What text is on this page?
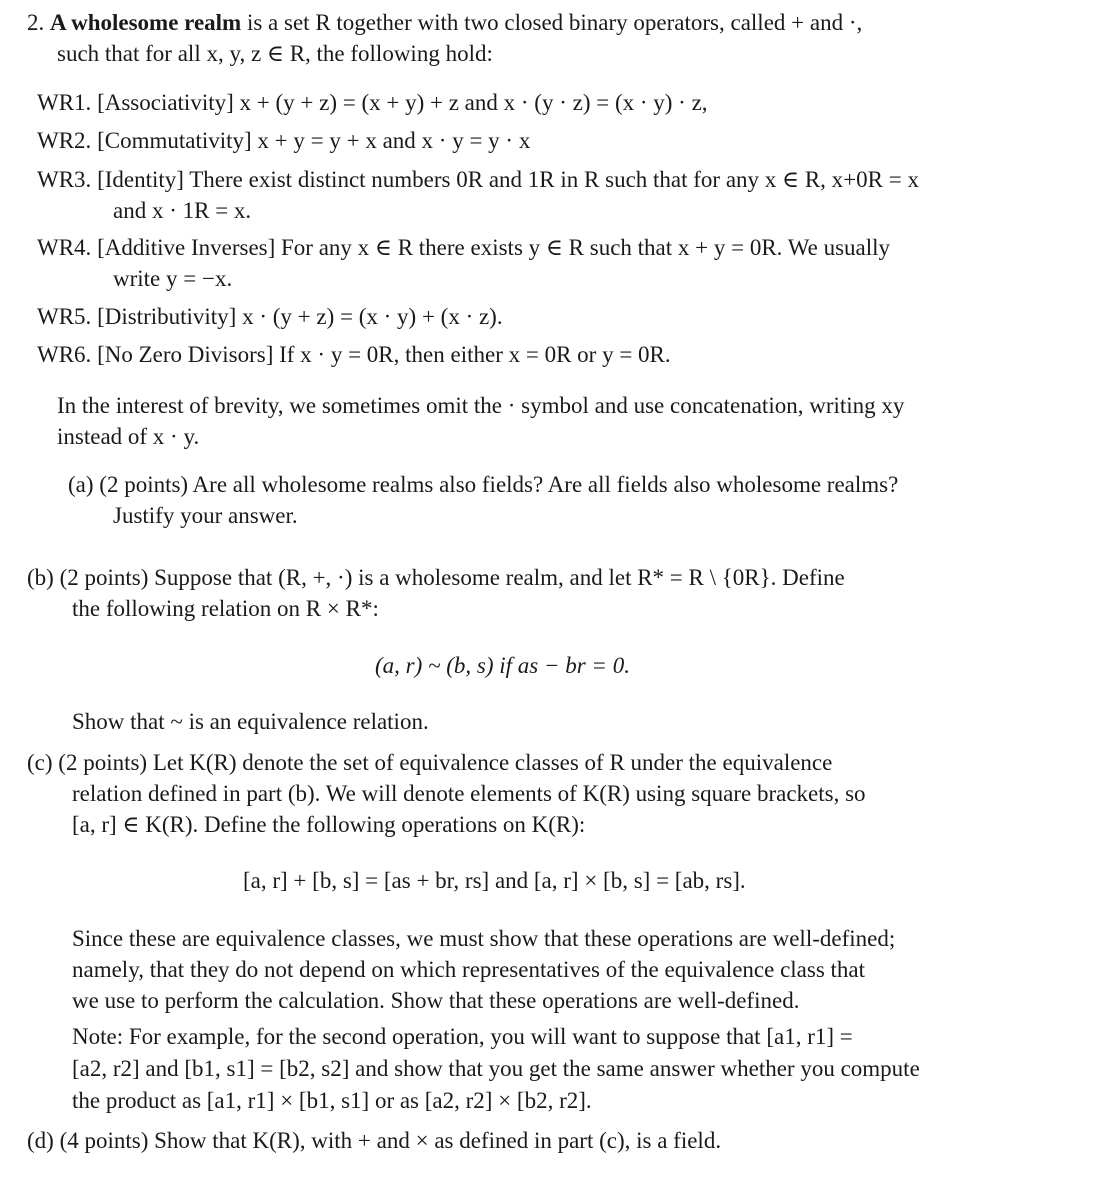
2. A wholesome realm is a set R together with two closed binary operators, called + and ·,
such that for all x, y, z ∈ R, the following hold:
WR1. [Associativity] x + (y + z) = (x + y) + z and x · (y · z) = (x · y) · z,
WR2. [Commutativity] x + y = y + x and x · y = y · x
WR3. [Identity] There exist distinct numbers 0R and 1R in R such that for any x ∈ R, x+0R = x
and x · 1R = x.
WR4. [Additive Inverses] For any x ∈ R there exists y ∈ R such that x + y = 0R. We usually
write y = −x.
WR5. [Distributivity] x · (y + z) = (x · y) + (x · z).
WR6. [No Zero Divisors] If x · y = 0R, then either x = 0R or y = 0R.
In the interest of brevity, we sometimes omit the · symbol and use concatenation, writing xy
instead of x · y.
(a) (2 points) Are all wholesome realms also fields? Are all fields also wholesome realms?
Justify your answer.
(b) (2 points) Suppose that (R, +, ·) is a wholesome realm, and let R* = R \ {0R}. Define
the following relation on R × R*:
(a, r) ~ (b, s) if as − br = 0.
Show that ~ is an equivalence relation.
(c) (2 points) Let K(R) denote the set of equivalence classes of R under the equivalence
relation defined in part (b). We will denote elements of K(R) using square brackets, so
[a, r] ∈ K(R). Define the following operations on K(R):
[a, r] + [b, s] = [as + br, rs] and [a, r] × [b, s] = [ab, rs].
Since these are equivalence classes, we must show that these operations are well-defined;
namely, that they do not depend on which representatives of the equivalence class that
we use to perform the calculation. Show that these operations are well-defined.
Note: For example, for the second operation, you will want to suppose that [a1, r1] =
[a2, r2] and [b1, s1] = [b2, s2] and show that you get the same answer whether you compute
the product as [a1, r1] × [b1, s1] or as [a2, r2] × [b2, r2].
(d) (4 points) Show that K(R), with + and × as defined in part (c), is a field.
